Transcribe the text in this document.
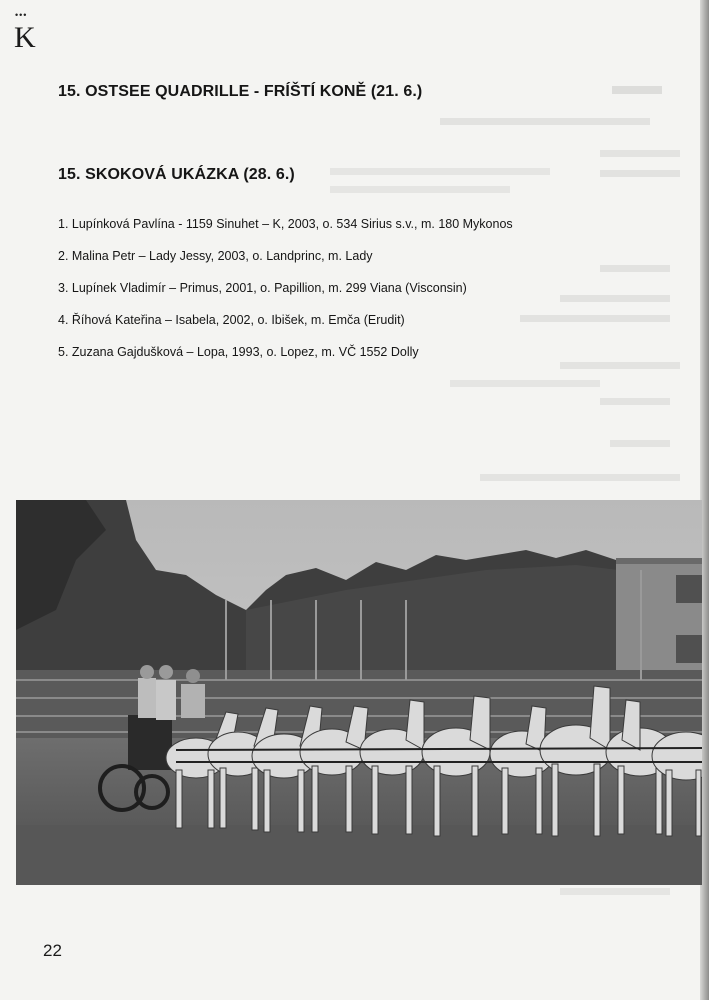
•••
K
15. OSTSEE QUADRILLE - FRÍŠTÍ KONĚ (21. 6.)
15. SKOKOVÁ UKÁZKA (28. 6.)
1. Lupínková Pavlína - 1159 Sinuhet – K, 2003, o. 534 Sirius s.v., m. 180 Mykonos
2. Malina Petr – Lady Jessy, 2003, o. Landprinc, m. Lady
3. Lupínek Vladimír – Primus, 2001, o. Papillion, m. 299 Viana (Visconsin)
4. Říhová Kateřina – Isabela, 2002, o. Ibišek, m. Emča (Erudit)
5. Zuzana Gajdušková – Lopa, 1993, o. Lopez, m. VČ 1552 Dolly
22
